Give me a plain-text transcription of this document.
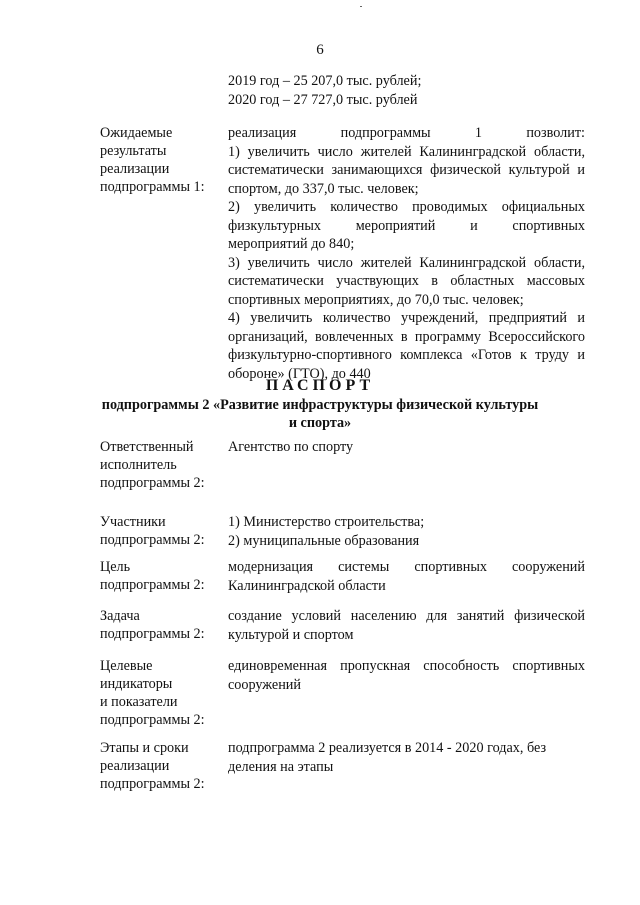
6
2019 год – 25 207,0 тыс. рублей;
2020 год – 27 727,0 тыс. рублей
Ожидаемые
результаты
реализации
подпрограммы 1:
реализация	подпрограммы	1	позволит:
1) увеличить число жителей Калининградской области,
систематически занимающихся физической культурой и
спортом, до 337,0 тыс. человек;
2) увеличить количество проводимых официальных
физкультурных мероприятий и спортивных
мероприятий до 840;
3) увеличить число жителей Калининградской области,
систематически участвующих в областных массовых
спортивных мероприятиях, до 70,0 тыс. человек;
4) увеличить количество учреждений, предприятий и
организаций, вовлеченных в программу Всероссийского
физкультурно-спортивного комплекса «Готов к труду и
обороне» (ГТО), до 440
ПАСПОРТ
подпрограммы 2 «Развитие инфраструктуры физической культуры
и спорта»
Ответственный
исполнитель
подпрограммы 2:
Агентство по спорту
Участники
подпрограммы 2:
1) Министерство строительства;
2) муниципальные образования
Цель
подпрограммы 2:
модернизация системы спортивных сооружений
Калининградской области
Задача
подпрограммы 2:
создание условий населению для занятий физической
культурой и спортом
Целевые
индикаторы
и показатели
подпрограммы 2:
единовременная пропускная способность спортивных
сооружений
Этапы и сроки
реализации
подпрограммы 2:
подпрограмма 2 реализуется в 2014 - 2020 годах, без
деления на этапы
